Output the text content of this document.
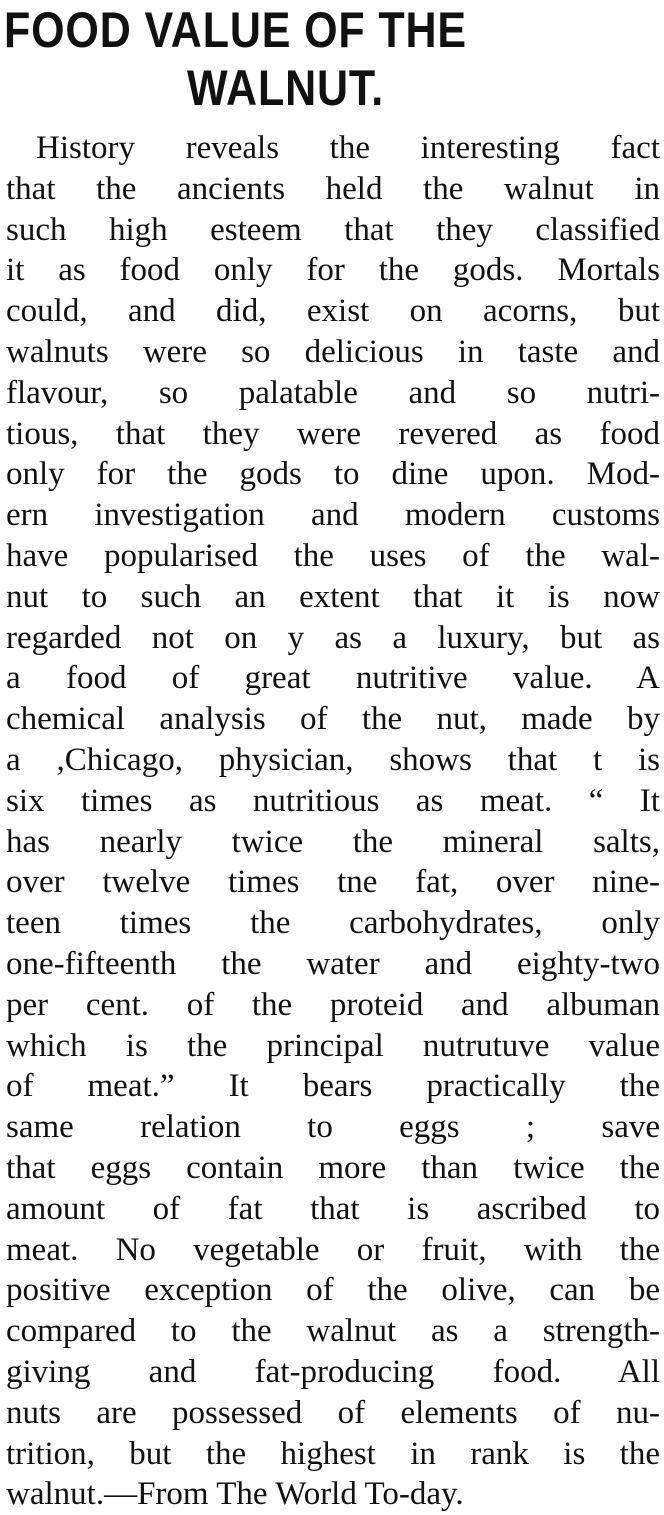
FOOD VALUE OF THE
WALNUT.
History reveals the interesting fact
that the ancients held the walnut in
such high esteem that they classified
it as food only for the gods. Mortals
could, and did, exist on acorns, but
walnuts were so delicious in taste and
flavour, so palatable and so nutri-
tious, that they were revered as food
only for the gods to dine upon. Mod-
ern investigation and modern customs
have popularised the uses of the wal-
nut to such an extent that it is now
regarded not on y as a luxury, but as
a food of great nutritive value. A
chemical analysis of the nut, made by
a ,Chicago, physician, shows that t is
six times as nutritious as meat. “ It
has nearly twice the mineral salts,
over twelve times tne fat, over nine-
teen times the carbohydrates, only
one-fifteenth the water and eighty-two
per cent. of the proteid and albuman
which is the principal nutrutuve value
of meat.” It bears practically the
same relation to eggs ; save
that eggs contain more than twice the
amount of fat that is ascribed to
meat. No vegetable or fruit, with the
positive exception of the olive, can be
compared to the walnut as a strength-
giving and fat-producing food. All
nuts are possessed of elements of nu-
trition, but the highest in rank is the
walnut.—From The World To-day.
